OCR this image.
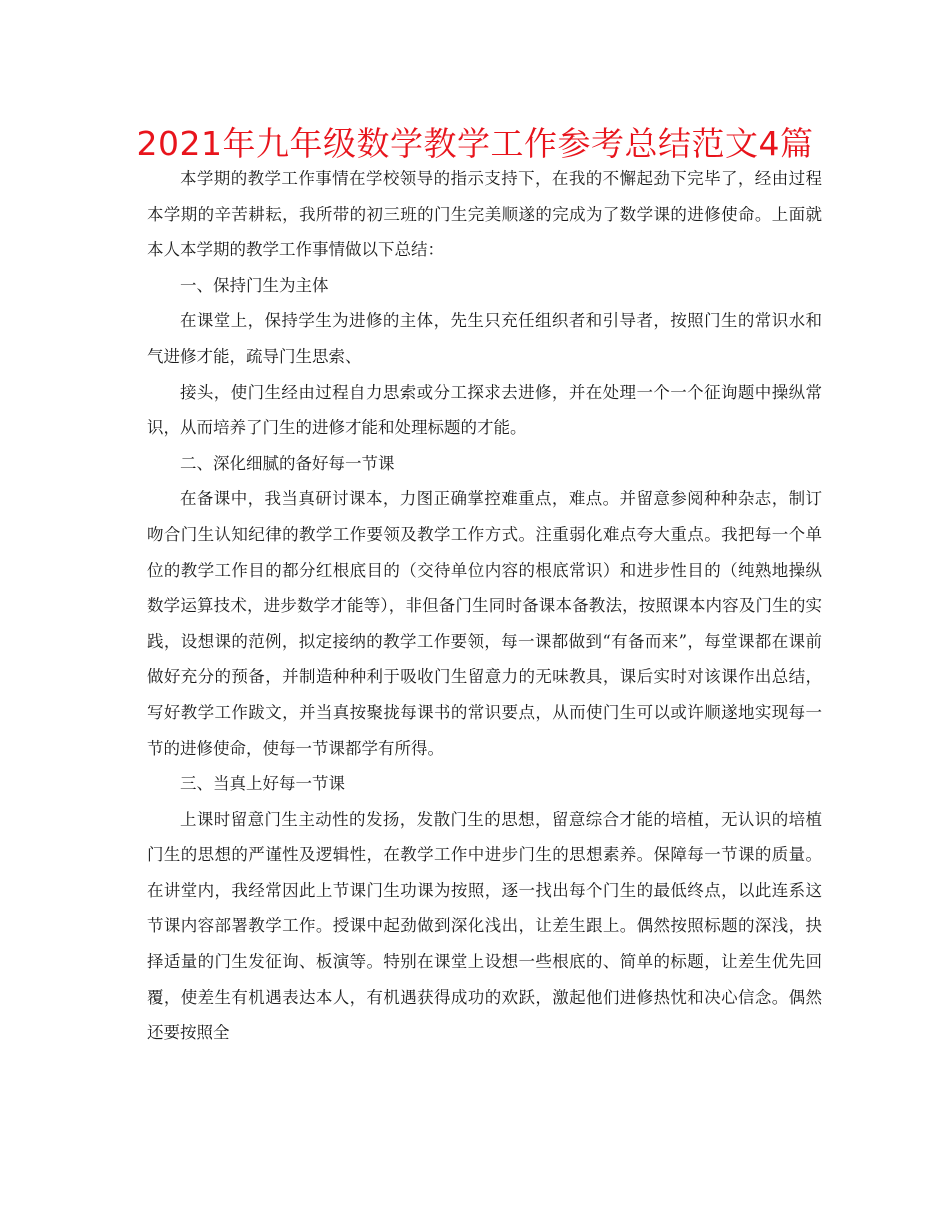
2021年九年级数学教学工作参考总结范文4篇

本学期的教学工作事情在学校领导的指示支持下，在我的不懈起劲下完毕了，经由过程本学期的辛苦耕耘，我所带的初三班的门生完美顺遂的完成为了数学课的进修使命。上面就本人本学期的教学工作事情做以下总结：

一、保持门生为主体

在课堂上，保持学生为进修的主体，先生只充任组织者和引导者，按照门生的常识水和气进修才能，疏导门生思索、

接头，使门生经由过程自力思索或分工探求去进修，并在处理一个一个征询题中操纵常识，从而培养了门生的进修才能和处理标题的才能。

二、深化细腻的备好每一节课

在备课中，我当真研讨课本，力图正确掌控难重点，难点。并留意参阅种种杂志，制订吻合门生认知纪律的教学工作要领及教学工作方式。注重弱化难点夸大重点。我把每一个单位的教学工作目的都分红根底目的（交待单位内容的根底常识）和进步性目的（纯熟地操纵数学运算技术，进步数学才能等），非但备门生同时备课本备教法，按照课本内容及门生的实践，设想课的范例，拟定接纳的教学工作要领，每一课都做到“有备而来”，每堂课都在课前做好充分的预备，并制造种种利于吸收门生留意力的无味教具，课后实时对该课作出总结，写好教学工作跋文，并当真按聚拢每课书的常识要点，从而使门生可以或许顺遂地实现每一节的进修使命，使每一节课都学有所得。

三、当真上好每一节课

上课时留意门生主动性的发扬，发散门生的思想，留意综合才能的培植，无认识的培植门生的思想的严谨性及逻辑性，在教学工作中进步门生的思想素养。保障每一节课的质量。在讲堂内，我经常因此上节课门生功课为按照，逐一找出每个门生的最低终点，以此连系这节课内容部署教学工作。授课中起劲做到深化浅出，让差生跟上。偶然按照标题的深浅，抉择适量的门生发征询、板演等。特别在课堂上设想一些根底的、简单的标题，让差生优先回覆，使差生有机遇表达本人，有机遇获得成功的欢跃，激起他们进修热忱和决心信念。偶然还要按照全
